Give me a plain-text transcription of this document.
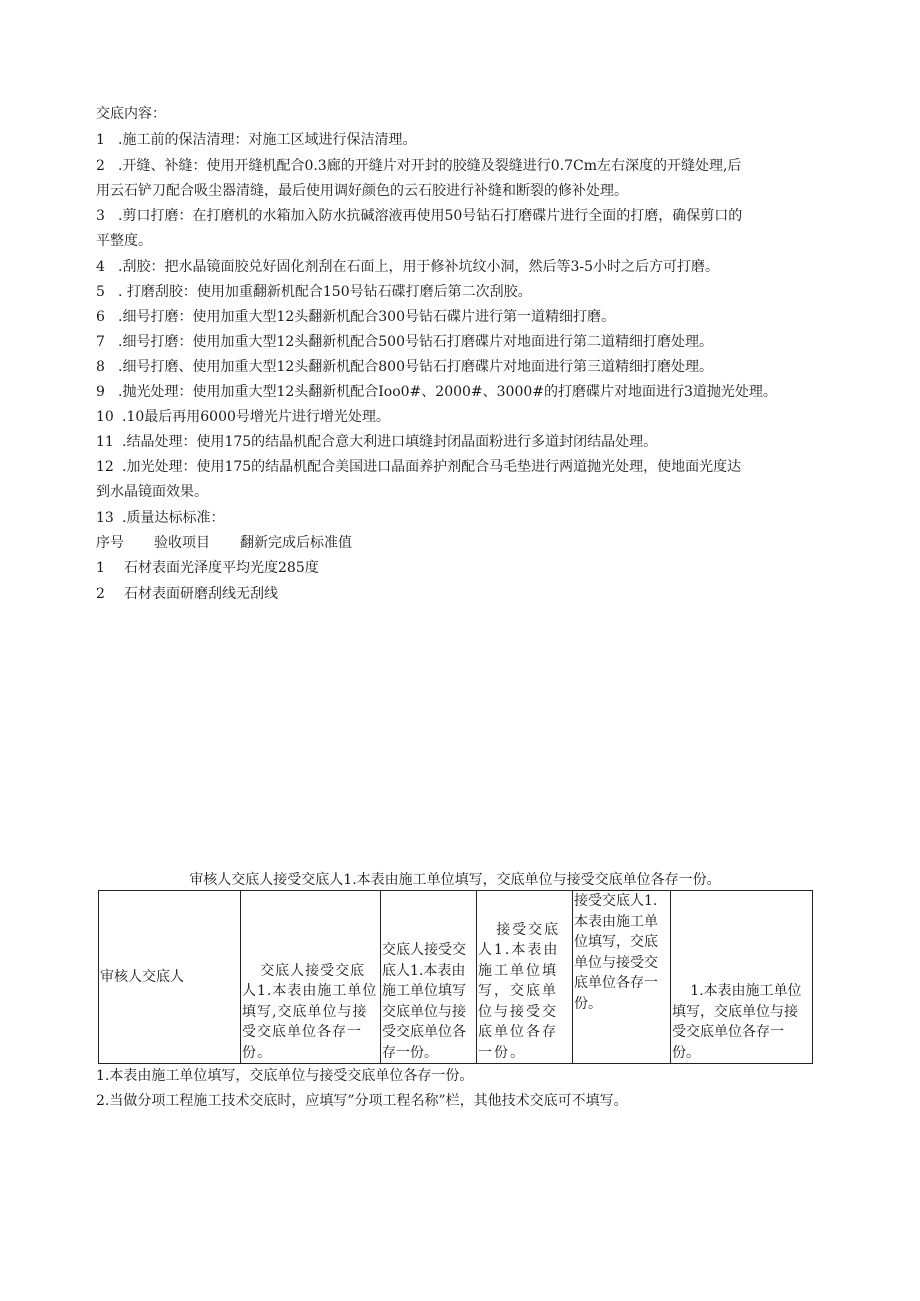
交底内容：
1 .施工前的保洁清理：对施工区域进行保洁清理。
2 .开缝、补缝：使用开缝机配合0.3廊的开缝片对开封的胶缝及裂缝进行0.7Cm左右深度的开缝处理,后
用云石铲刀配合吸尘器清缝，最后使用调好颜色的云石胶进行补缝和断裂的修补处理。
3 .剪口打磨：在打磨机的水箱加入防水抗碱溶液再使用50号钻石打磨碟片进行全面的打磨，确保剪口的
平整度。
4 .刮胶：把水晶镜面胶兑好固化剂刮在石面上，用于修补坑纹小洞，然后等3-5小时之后方可打磨。
5 . 打磨刮胶：使用加重翻新机配合150号钻石碟打磨后第二次刮胶。
6 .细号打磨：使用加重大型12头翻新机配合300号钻石碟片进行第一道精细打磨。
7 .细号打磨：使用加重大型12头翻新机配合500号钻石打磨碟片对地面进行第二道精细打磨处理。
8 .细号打磨、使用加重大型12头翻新机配合800号钻石打磨碟片对地面进行第三道精细打磨处理。
9 .抛光处理：使用加重大型12头翻新机配合Ioo0#、2000#、3000#的打磨碟片对地面进行3道抛光处理。
10 .10最后再用6000号增光片进行增光处理。
11 .结晶处理：使用175的结晶机配合意大利进口填缝封闭晶面粉进行多道封闭结晶处理。
12 .加光处理：使用175的结晶机配合美国进口晶面养护剂配合马毛垫进行两道抛光处理，使地面光度达
到水晶镜面效果。
13 .质量达标标准：
序号 验收项目 翻新完成后标准值
1 石材表面光泽度平均光度285度
2 石材表面研磨刮线无刮线
审核人交底人接受交底人1.本表由施工单位填写，交底单位与接受交底单位各存一份。
审核人交底人	交底人接受交底人1.本表由施工单位填写,交底单位与接受交底单位各存一份。	交底人接受交底人1.本表由施工单位填写交底单位与接受交底单位各存一份。	接受交底人1.本表由施工单位填写，交底单位与接受交底单位各存一份。	接受交底人1.本表由施工单位填写，交底单位与接受交底单位各存一份。	1.本表由施工单位填写，交底单位与接受交底单位各存一份。
1.本表由施工单位填写，交底单位与接受交底单位各存一份。
2.当做分项工程施工技术交底时，应填写”分项工程名称”栏，其他技术交底可不填写。
